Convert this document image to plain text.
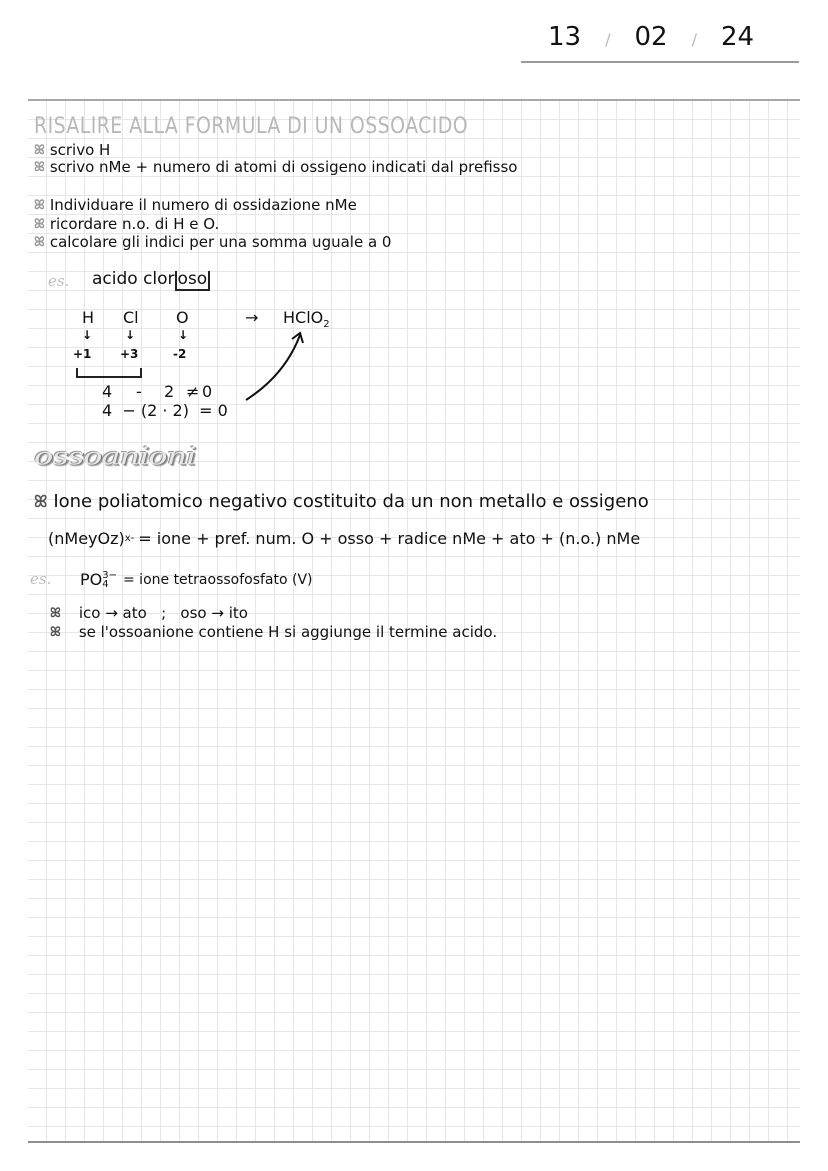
13 / 02 / 24
RISALIRE ALLA FORMULA DI UN OSSOACIDO
ꕤ scrivo H
ꕤ scrivo nMe + numero di atomi di ossigeno indicati dal prefisso
ꕤ Individuare il numero di ossidazione nMe
ꕤ ricordare n.o. di H e O.
ꕤ calcolare gli indici per una somma uguale a 0
es. acido clor oso
H Cl O	→ HClO$_2$
↓	↓	↓
+1 +3	-2
4	-	2 ≠ 0
4  − (2 · 2)  = 0
ossoanioni
ꕤ Ione poliatomico negativo costituito da un non metallo e ossigeno
(nMeyOz) x- = ione + pref. num. O + osso + radice nMe + ato + (n.o.) nMe
es. PO 3−
4	= ione tetraossofosfato (V)
ꕤ ico → ato   ;   oso → ito
ꕤ se l'ossoanione contiene H si aggiunge il termine acido.
